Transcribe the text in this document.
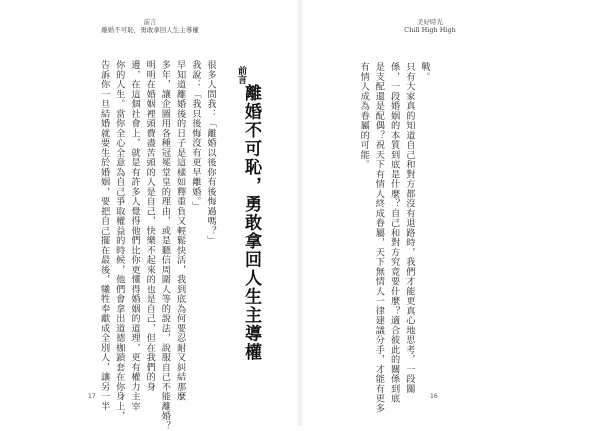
前言
離婚不可恥，勇敢拿回人生主導權
前言
離婚不可恥，勇敢拿回人生主導權
很多人問我：「離婚以後你有後悔過嗎？」
我說：「我只後悔沒有更早離婚。」
早知道離婚後的日子是這樣如釋重負又輕鬆快活，我到底為何要忍耐又糾結那麼
多年，讓企圖用各種冠冕堂皇的理由，或是聽信周圍人等的說法，說服自己不能離婚？
明明在婚姻裡頭費盡苦頭的人是自己，快樂不起來的也是自己，但在我們的身
邊，在這個社會上，就是有許多人覺得他們比你更懂得婚姻的道理，更有權力主宰
你的人生。當你全心全意為自己爭取權益的時候，他們會拿出道德枷鎖套在你身上，
告訴你一旦結婚就要生於婚姻，要把自己擺在最後，犧牲奉獻成全別人，讓另一半
17
美好時光
Chill High High
戰。
只有大家真的知道自己和對方都沒有退路時，我們才能更真心地思考，一段關
係，一段婚姻的本質到底是什麼？自己和對方究竟要什麼？適合彼此的關係到底
是支配還是配偶？祝天下有情人終成眷屬，天下無情人一律建議分手，才能有更多
有情人成為眷屬的可能。
16
